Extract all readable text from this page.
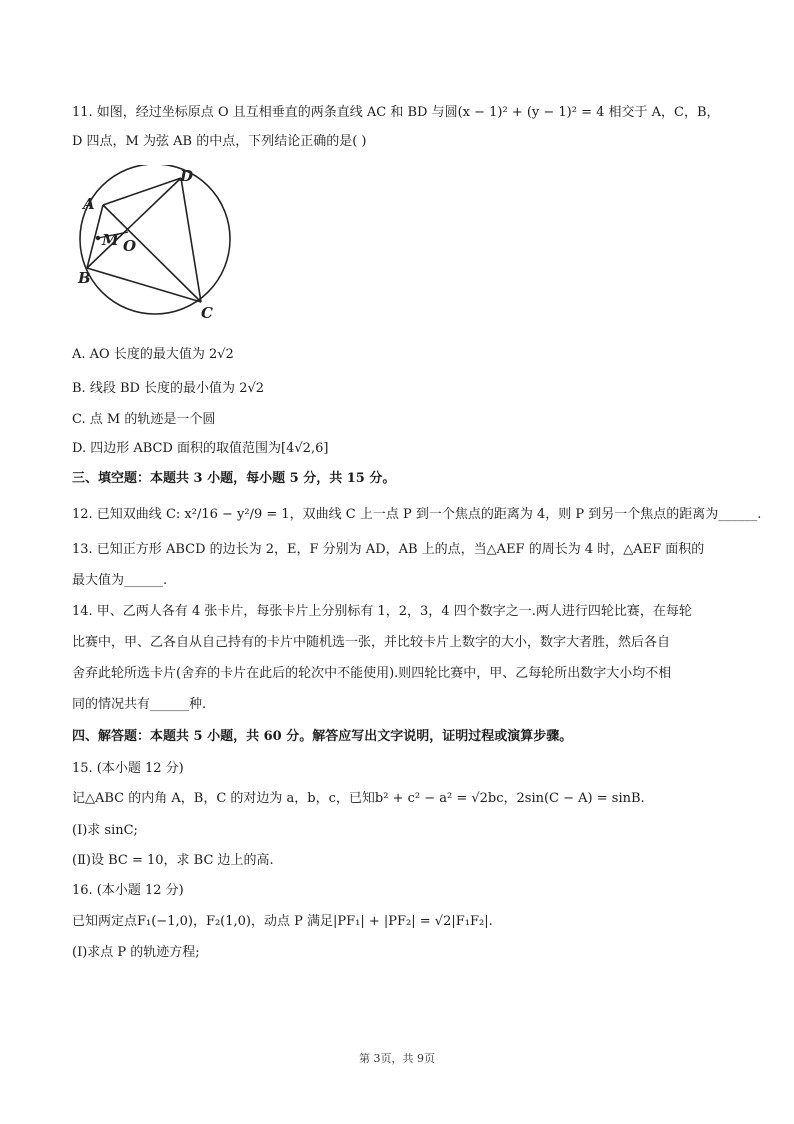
11. 如图，经过坐标原点 O 且互相垂直的两条直线 AC 和 BD 与圆(x − 1)² + (y − 1)² = 4 相交于 A，C，B，
D 四点，M 为弦 AB 的中点，下列结论正确的是( )
A
D
M O
B
C
A. AO 长度的最大值为 2√2
B. 线段 BD 长度的最小值为 2√2
C. 点 M 的轨迹是一个圆
D. 四边形 ABCD 面积的取值范围为[4√2,6]
三、填空题：本题共 3 小题，每小题 5 分，共 15 分。
12. 已知双曲线 C: x²/16 − y²/9 = 1，双曲线 C 上一点 P 到一个焦点的距离为 4，则 P 到另一个焦点的距离为______.
13. 已知正方形 ABCD 的边长为 2，E，F 分别为 AD，AB 上的点，当△AEF 的周长为 4 时，△AEF 面积的
最大值为______.
14. 甲、乙两人各有 4 张卡片，每张卡片上分别标有 1，2，3，4 四个数字之一.两人进行四轮比赛，在每轮
比赛中，甲、乙各自从自己持有的卡片中随机选一张，并比较卡片上数字的大小，数字大者胜，然后各自
舍弃此轮所选卡片(舍弃的卡片在此后的轮次中不能使用).则四轮比赛中，甲、乙每轮所出数字大小均不相
同的情况共有______种.
四、解答题：本题共 5 小题，共 60 分。解答应写出文字说明，证明过程或演算步骤。
15. (本小题 12 分)
记△ABC 的内角 A，B，C 的对边为 a，b，c，已知b² + c² − a² = √2bc，2sin(C − A) = sinB.
(Ⅰ)求 sinC;
(Ⅱ)设 BC = 10，求 BC 边上的高.
16. (本小题 12 分)
已知两定点F₁(−1,0)，F₂(1,0)，动点 P 满足|PF₁| + |PF₂| = √2|F₁F₂|.
(Ⅰ)求点 P 的轨迹方程;
第 3页，共 9页
